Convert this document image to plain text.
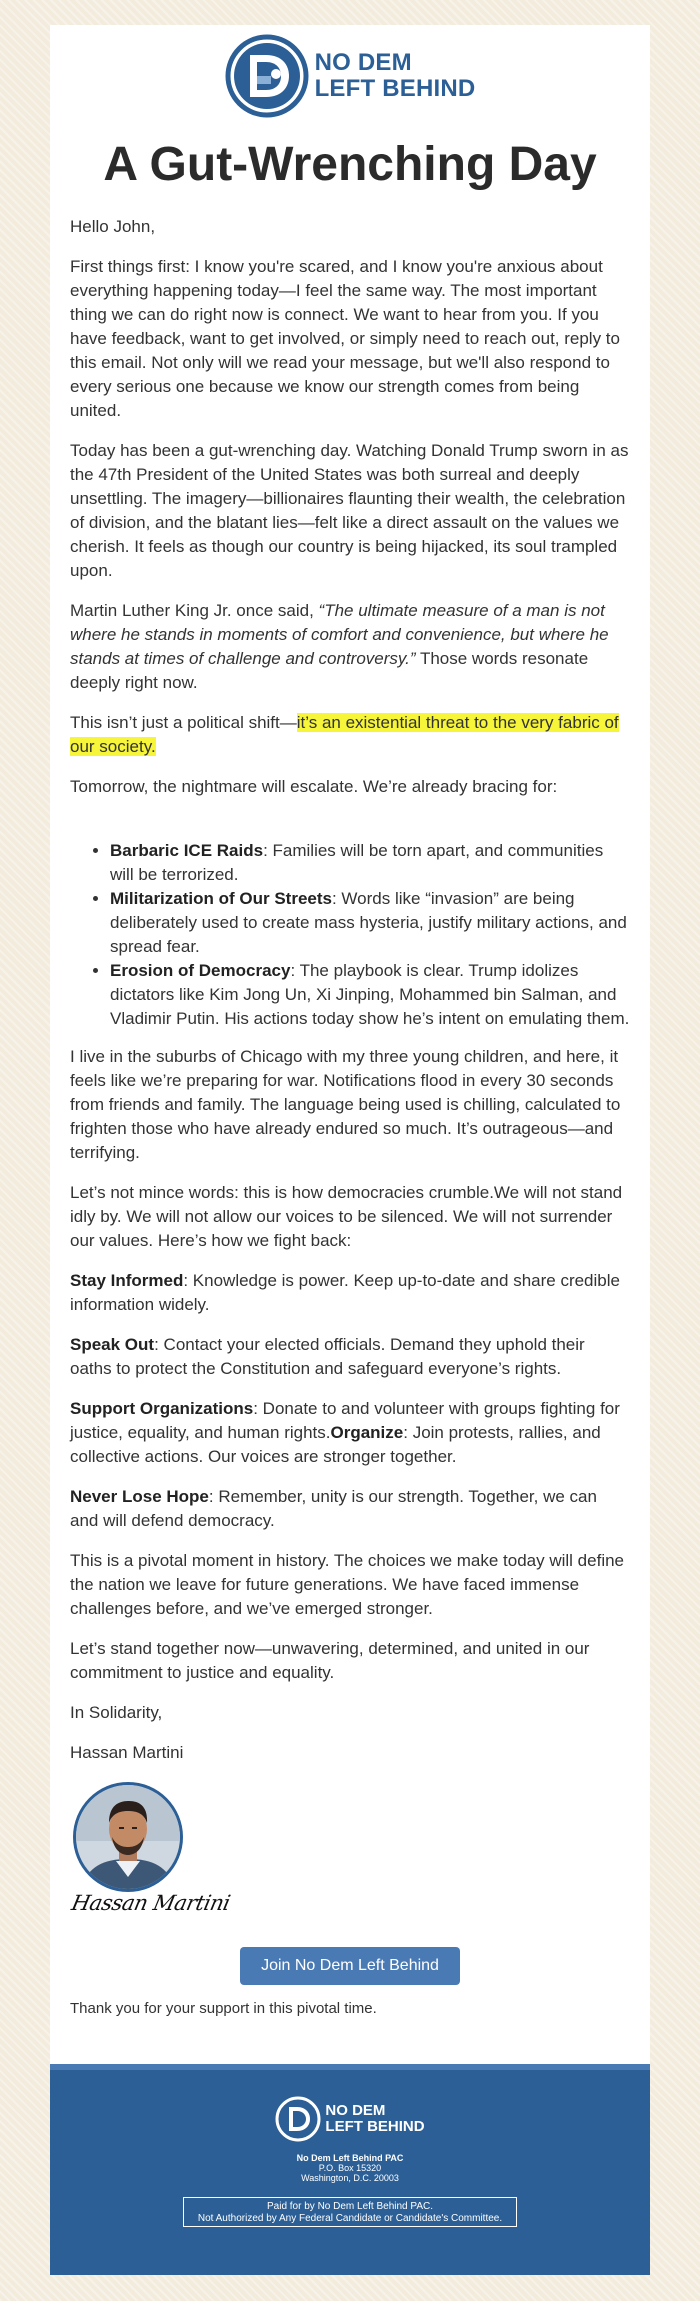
NO DEM
LEFT BEHIND
A Gut-Wrenching Day

Hello John,

First things first: I know you're scared, and I know you're anxious about everything happening today—I feel the same way. The most important thing we can do right now is connect. We want to hear from you. If you have feedback, want to get involved, or simply need to reach out, reply to this email. Not only will we read your message, but we'll also respond to every serious one because we know our strength comes from being united.

Today has been a gut-wrenching day. Watching Donald Trump sworn in as the 47th President of the United States was both surreal and deeply unsettling. The imagery—billionaires flaunting their wealth, the celebration of division, and the blatant lies—felt like a direct assault on the values we cherish. It feels as though our country is being hijacked, its soul trampled upon.

Martin Luther King Jr. once said, “The ultimate measure of a man is not where he stands in moments of comfort and convenience, but where he stands at times of challenge and controversy.” Those words resonate deeply right now.

This isn’t just a political shift—it’s an existential threat to the very fabric of our society.

Tomorrow, the nightmare will escalate. We’re already bracing for:

• Barbaric ICE Raids: Families will be torn apart, and communities will be terrorized.
• Militarization of Our Streets: Words like “invasion” are being deliberately used to create mass hysteria, justify military actions, and spread fear.
• Erosion of Democracy: The playbook is clear. Trump idolizes dictators like Kim Jong Un, Xi Jinping, Mohammed bin Salman, and Vladimir Putin. His actions today show he’s intent on emulating them.

I live in the suburbs of Chicago with my three young children, and here, it feels like we’re preparing for war. Notifications flood in every 30 seconds from friends and family. The language being used is chilling, calculated to frighten those who have already endured so much. It’s outrageous—and terrifying.

Let’s not mince words: this is how democracies crumble.We will not stand idly by. We will not allow our voices to be silenced. We will not surrender our values. Here’s how we fight back:

Stay Informed: Knowledge is power. Keep up-to-date and share credible information widely.

Speak Out: Contact your elected officials. Demand they uphold their oaths to protect the Constitution and safeguard everyone’s rights.

Support Organizations: Donate to and volunteer with groups fighting for justice, equality, and human rights.Organize: Join protests, rallies, and collective actions. Our voices are stronger together.

Never Lose Hope: Remember, unity is our strength. Together, we can and will defend democracy.

This is a pivotal moment in history. The choices we make today will define the nation we leave for future generations. We have faced immense challenges before, and we’ve emerged stronger.

Let’s stand together now—unwavering, determined, and united in our commitment to justice and equality.

In Solidarity,

Hassan Martini

Hassan Martini
Join No Dem Left Behind

Thank you for your support in this pivotal time.

NO DEM
LEFT BEHIND
No Dem Left Behind PAC
P.O. Box 15320
Washington, D.C. 20003
Paid for by No Dem Left Behind PAC.
Not Authorized by Any Federal Candidate or Candidate's Committee.
